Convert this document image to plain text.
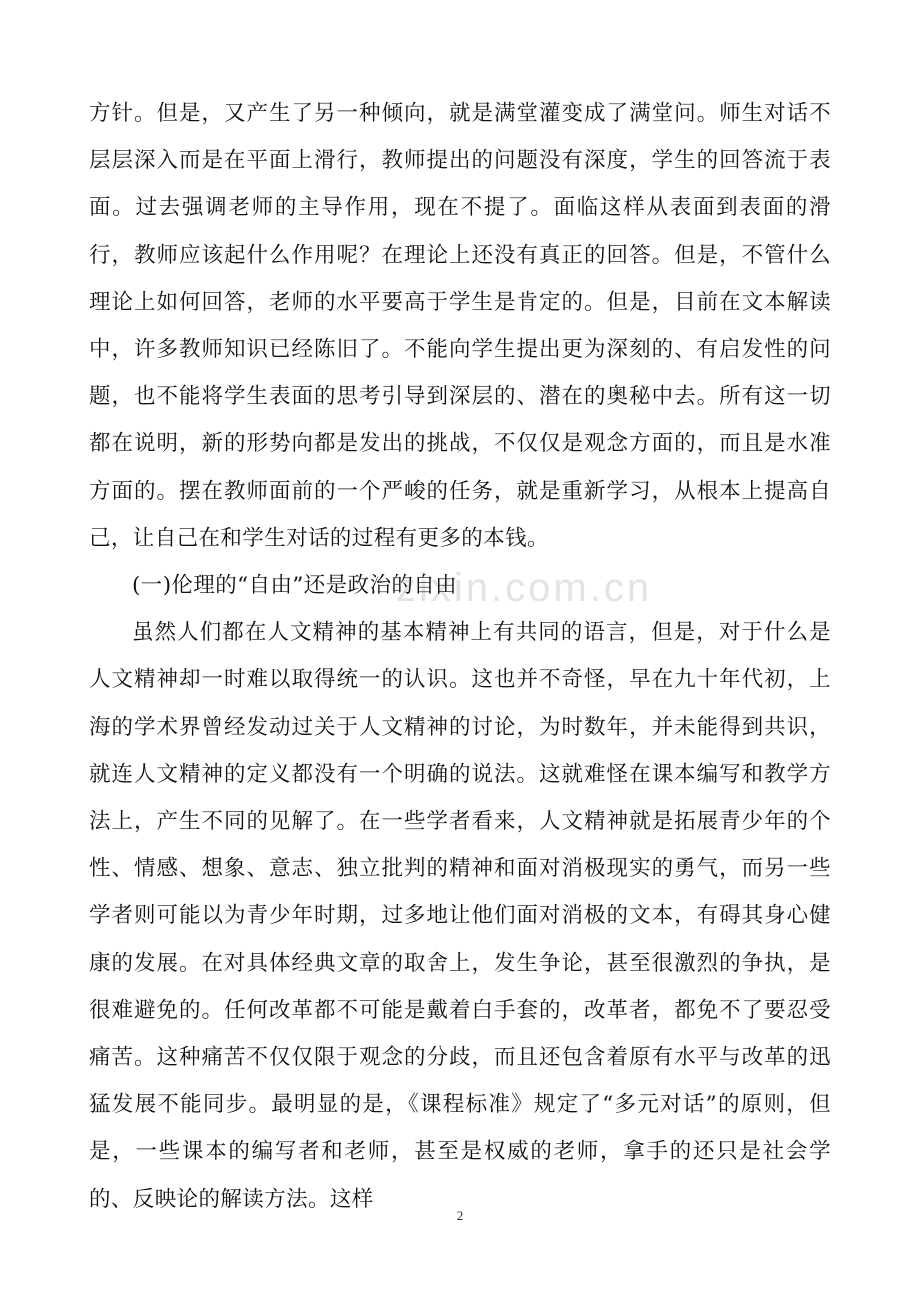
zixin.com.cn

方针。但是，又产生了另一种倾向，就是满堂灌变成了满堂问。师生对话不层层深入而是在平面上滑行，教师提出的问题没有深度，学生的回答流于表面。过去强调老师的主导作用，现在不提了。面临这样从表面到表面的滑行，教师应该起什么作用呢？在理论上还没有真正的回答。但是，不管什么理论上如何回答，老师的水平要高于学生是肯定的。但是，目前在文本解读中，许多教师知识已经陈旧了。不能向学生提出更为深刻的、有启发性的问题，也不能将学生表面的思考引导到深层的、潜在的奥秘中去。所有这一切都在说明，新的形势向都是发出的挑战，不仅仅是观念方面的，而且是水准方面的。摆在教师面前的一个严峻的任务，就是重新学习，从根本上提高自己，让自己在和学生对话的过程有更多的本钱。

(一)伦理的“自由”还是政治的自由

虽然人们都在人文精神的基本精神上有共同的语言，但是，对于什么是人文精神却一时难以取得统一的认识。这也并不奇怪，早在九十年代初，上海的学术界曾经发动过关于人文精神的讨论，为时数年，并未能得到共识，就连人文精神的定义都没有一个明确的说法。这就难怪在课本编写和教学方法上，产生不同的见解了。在一些学者看来，人文精神就是拓展青少年的个性、情感、想象、意志、独立批判的精神和面对消极现实的勇气，而另一些学者则可能以为青少年时期，过多地让他们面对消极的文本，有碍其身心健康的发展。在对具体经典文章的取舍上，发生争论，甚至很激烈的争执，是很难避免的。任何改革都不可能是戴着白手套的，改革者，都免不了要忍受痛苦。这种痛苦不仅仅限于观念的分歧，而且还包含着原有水平与改革的迅猛发展不能同步。最明显的是，《课程标准》规定了“多元对话”的原则，但是，一些课本的编写者和老师，甚至是权威的老师，拿手的还只是社会学的、反映论的解读方法。这样

2
